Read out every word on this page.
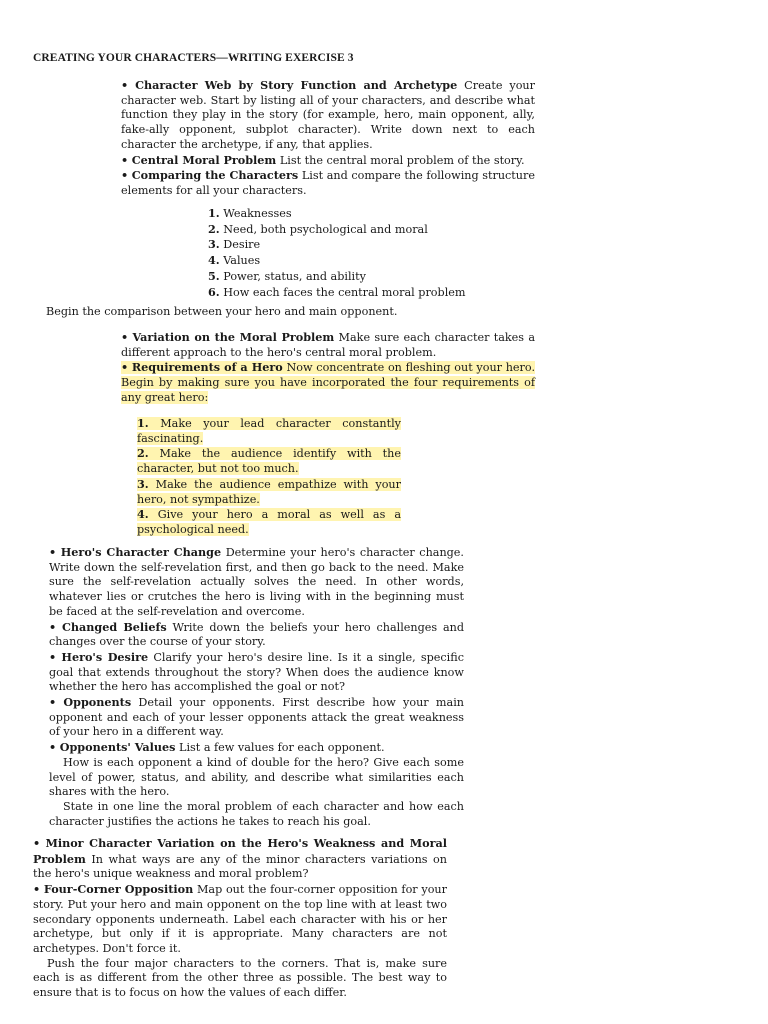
CREATING YOUR CHARACTERS—WRITING EXERCISE 3
• Character Web by Story Function and Archetype Create your character web. Start by listing all of your characters, and describe what function they play in the story (for example, hero, main opponent, ally, fake-ally opponent, subplot character). Write down next to each character the archetype, if any, that applies.
• Central Moral Problem List the central moral problem of the story.
• Comparing the Characters List and compare the following structure elements for all your characters.
1. Weaknesses
2. Need, both psychological and moral
3. Desire
4. Values
5. Power, status, and ability
6. How each faces the central moral problem
Begin the comparison between your hero and main opponent.
• Variation on the Moral Problem Make sure each character takes a different approach to the hero's central moral problem.
• Requirements of a Hero Now concentrate on fleshing out your hero. Begin by making sure you have incorporated the four requirements of any great hero:
1. Make your lead character constantly fascinating.
2. Make the audience identify with the character, but not too much.
3. Make the audience empathize with your hero, not sympathize.
4. Give your hero a moral as well as a psychological need.
• Hero's Character Change Determine your hero's character change. Write down the self-revelation first, and then go back to the need. Make sure the self-revelation actually solves the need. In other words, whatever lies or crutches the hero is living with in the beginning must be faced at the self-revelation and overcome.
• Changed Beliefs Write down the beliefs your hero challenges and changes over the course of your story.
• Hero's Desire Clarify your hero's desire line. Is it a single, specific goal that extends throughout the story? When does the audience know whether the hero has accomplished the goal or not?
• Opponents Detail your opponents. First describe how your main opponent and each of your lesser opponents attack the great weakness of your hero in a different way.
• Opponents' Values List a few values for each opponent.
How is each opponent a kind of double for the hero? Give each some level of power, status, and ability, and describe what similarities each shares with the hero.
State in one line the moral problem of each character and how each character justifies the actions he takes to reach his goal.
• Minor Character Variation on the Hero's Weakness and Moral Problem In what ways are any of the minor characters variations on the hero's unique weakness and moral problem?
• Four-Corner Opposition Map out the four-corner opposition for your story. Put your hero and main opponent on the top line with at least two secondary opponents underneath. Label each character with his or her archetype, but only if it is appropriate. Many characters are not archetypes. Don't force it.
Push the four major characters to the corners. That is, make sure each is as different from the other three as possible. The best way to ensure that is to focus on how the values of each differ.
